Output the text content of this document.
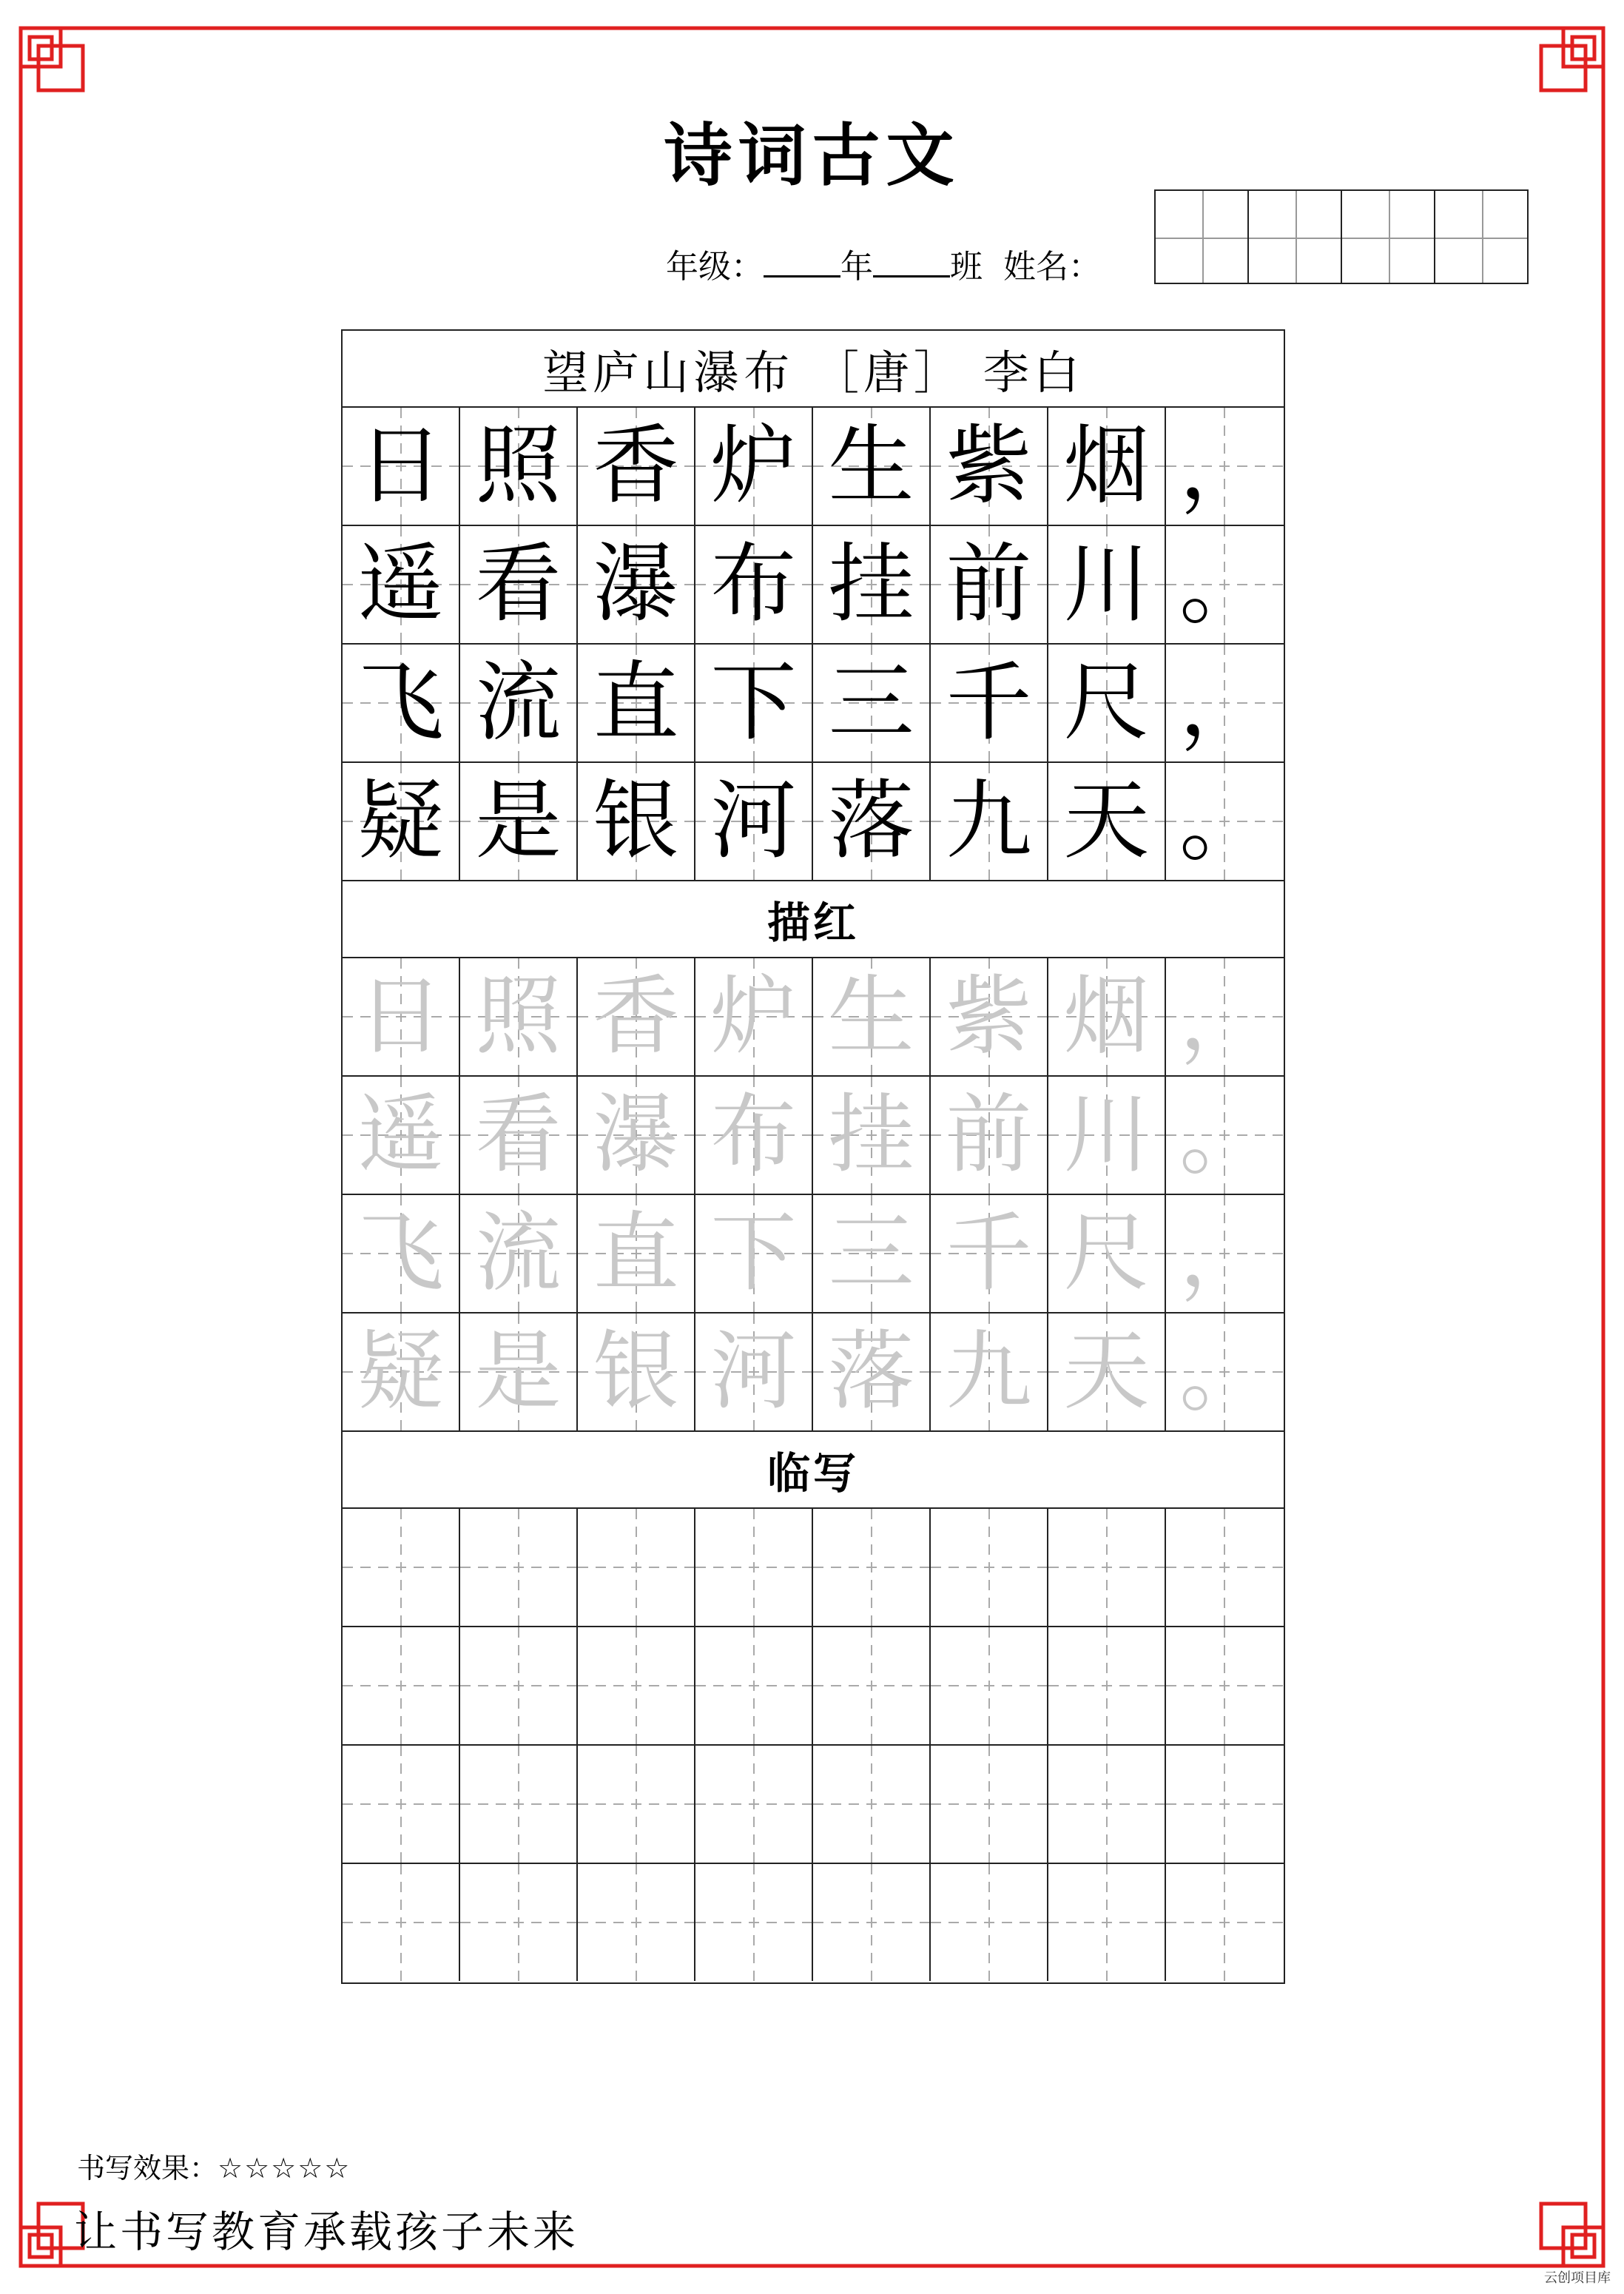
诗词古文
年级： 年 班 姓名：
望庐山瀑布 ［唐］ 李白
日 照 香 炉 生 紫 烟 ，
遥 看 瀑 布 挂 前 川 。
飞 流 直 下 三 千 尺 ，
疑 是 银 河 落 九 天 。
描红
日 照 香 炉 生 紫 烟 ，
遥 看 瀑 布 挂 前 川 。
飞 流 直 下 三 千 尺 ，
疑 是 银 河 落 九 天 。
临写
书写效果：☆☆☆☆☆
让书写教育承载孩子未来
云创项目库
